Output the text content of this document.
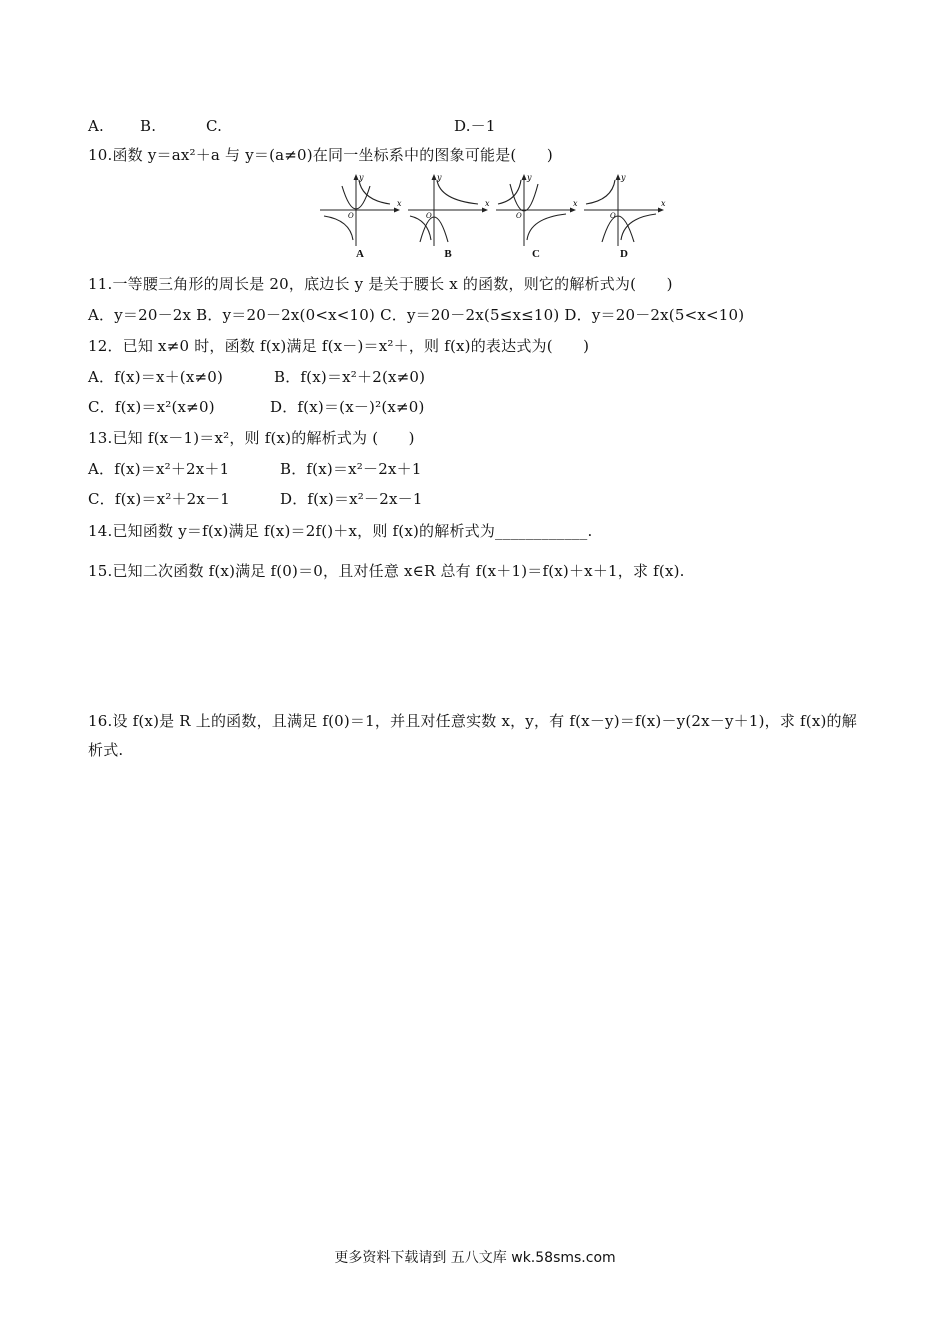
A. B.	C.	D.－1
10.函数 y＝ax²＋a 与 y＝(a≠0)在同一坐标系中的图象可能是(　　)
x
y
O
A
x
y
O
B
x
y
O
C
x
y
O
D
11.一等腰三角形的周长是 20，底边长 y 是关于腰长 x 的函数，则它的解析式为(　　)
A．y＝20－2x B．y＝20－2x(0<x<10) C．y＝20－2x(5≤x≤10) D．y＝20－2x(5<x<10)
12．已知 x≠0 时，函数 f(x)满足 f(x－)＝x²＋，则 f(x)的表达式为(　　)
A．f(x)＝x＋(x≠0)	B．f(x)＝x²＋2(x≠0)
C．f(x)＝x²(x≠0)	D．f(x)＝(x－)²(x≠0)
13.已知 f(x－1)＝x²，则 f(x)的解析式为 (　　)
A．f(x)＝x²＋2x＋1	B．f(x)＝x²－2x＋1
C．f(x)＝x²＋2x－1	D．f(x)＝x²－2x－1
14.已知函数 y＝f(x)满足 f(x)＝2f()＋x，则 f(x)的解析式为____________.
15.已知二次函数 f(x)满足 f(0)＝0，且对任意 x∈R 总有 f(x＋1)＝f(x)＋x＋1，求 f(x).
16.设 f(x)是 R 上的函数，且满足 f(0)＝1，并且对任意实数 x，y，有 f(x－y)＝f(x)－y(2x－y＋1)，求 f(x)的解析式.
更多资料下载请到 五八文库 wk.58sms.com
